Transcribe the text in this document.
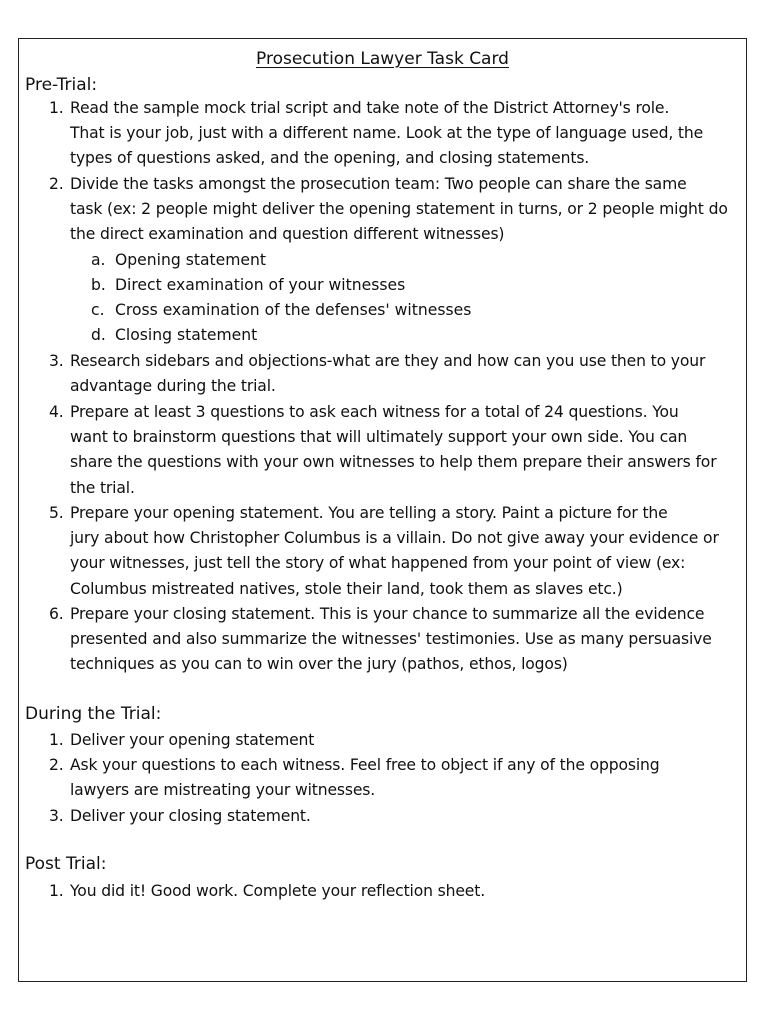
Prosecution Lawyer Task Card
Pre-Trial:
1. Read the sample mock trial script and take note of the District Attorney's role.
That is your job, just with a different name. Look at the type of language used, the
types of questions asked, and the opening, and closing statements.
2. Divide the tasks amongst the prosecution team: Two people can share the same
task (ex: 2 people might deliver the opening statement in turns, or 2 people might do
the direct examination and question different witnesses)
a. Opening statement
b. Direct examination of your witnesses
c. Cross examination of the defenses' witnesses
d. Closing statement
3. Research sidebars and objections-what are they and how can you use then to your
advantage during the trial.
4. Prepare at least 3 questions to ask each witness for a total of 24 questions. You
want to brainstorm questions that will ultimately support your own side. You can
share the questions with your own witnesses to help them prepare their answers for
the trial.
5. Prepare your opening statement. You are telling a story. Paint a picture for the
jury about how Christopher Columbus is a villain. Do not give away your evidence or
your witnesses, just tell the story of what happened from your point of view (ex:
Columbus mistreated natives, stole their land, took them as slaves etc.)
6. Prepare your closing statement. This is your chance to summarize all the evidence
presented and also summarize the witnesses' testimonies. Use as many persuasive
techniques as you can to win over the jury (pathos, ethos, logos)
During the Trial:
1. Deliver your opening statement
2. Ask your questions to each witness. Feel free to object if any of the opposing
lawyers are mistreating your witnesses.
3. Deliver your closing statement.
Post Trial:
1. You did it! Good work. Complete your reflection sheet.
